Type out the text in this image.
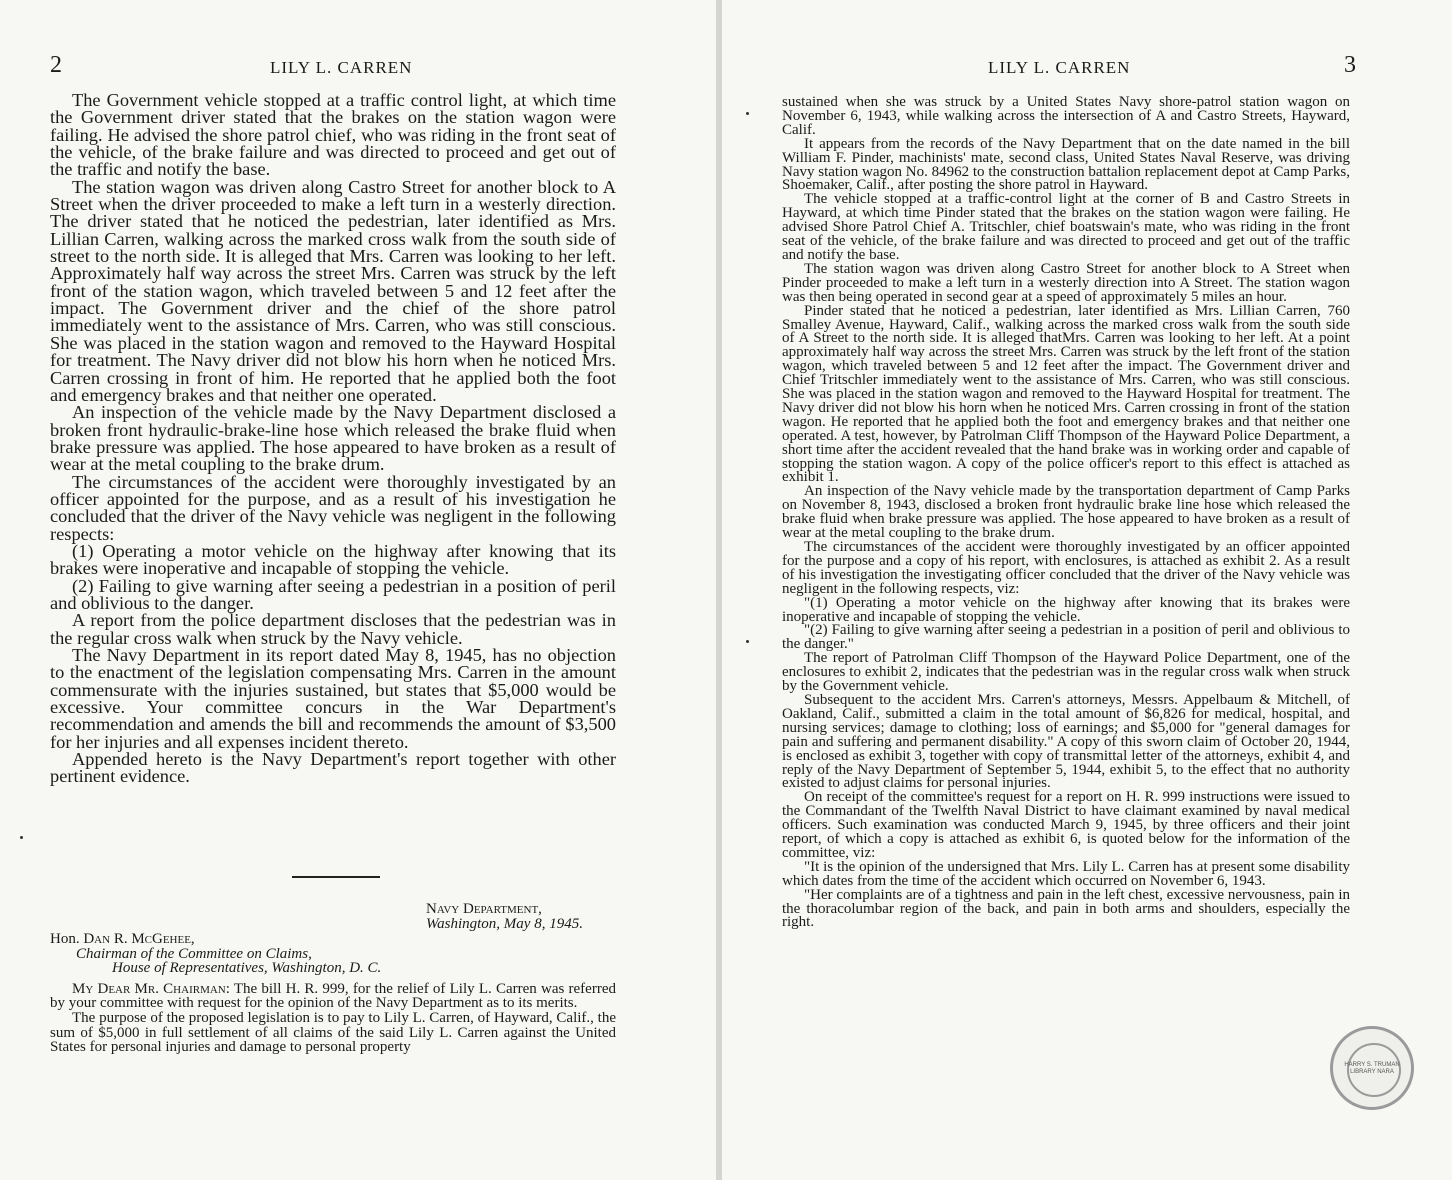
2	LILY L. CARREN

The Government vehicle stopped at a traffic control light, at which time the Government driver stated that the brakes on the station wagon were failing. He advised the shore patrol chief, who was riding in the front seat of the vehicle, of the brake failure and was directed to proceed and get out of the traffic and notify the base.

The station wagon was driven along Castro Street for another block to A Street when the driver proceeded to make a left turn in a westerly direction. The driver stated that he noticed the pedestrian, later identified as Mrs. Lillian Carren, walking across the marked cross walk from the south side of street to the north side. It is alleged that Mrs. Carren was looking to her left. Approximately half way across the street Mrs. Carren was struck by the left front of the station wagon, which traveled between 5 and 12 feet after the impact. The Government driver and the chief of the shore patrol immediately went to the assistance of Mrs. Carren, who was still conscious. She was placed in the station wagon and removed to the Hayward Hospital for treatment. The Navy driver did not blow his horn when he noticed Mrs. Carren crossing in front of him. He reported that he applied both the foot and emergency brakes and that neither one operated.

An inspection of the vehicle made by the Navy Department disclosed a broken front hydraulic-brake-line hose which released the brake fluid when brake pressure was applied. The hose appeared to have broken as a result of wear at the metal coupling to the brake drum.

The circumstances of the accident were thoroughly investigated by an officer appointed for the purpose, and as a result of his investigation he concluded that the driver of the Navy vehicle was negligent in the following respects:

(1) Operating a motor vehicle on the highway after knowing that its brakes were inoperative and incapable of stopping the vehicle.

(2) Failing to give warning after seeing a pedestrian in a position of peril and oblivious to the danger.

A report from the police department discloses that the pedestrian was in the regular cross walk when struck by the Navy vehicle.

The Navy Department in its report dated May 8, 1945, has no objection to the enactment of the legislation compensating Mrs. Carren in the amount commensurate with the injuries sustained, but states that $5,000 would be excessive. Your committee concurs in the War Department's recommendation and amends the bill and recommends the amount of $3,500 for her injuries and all expenses incident thereto.

Appended hereto is the Navy Department's report together with other pertinent evidence.

Navy Department,
Washington, May 8, 1945.
Hon. Dan R. McGehee,
Chairman of the Committee on Claims,
House of Representatives, Washington, D. C.

My Dear Mr. Chairman: The bill H. R. 999, for the relief of Lily L. Carren was referred by your committee with request for the opinion of the Navy Department as to its merits.

The purpose of the proposed legislation is to pay to Lily L. Carren, of Hayward, Calif., the sum of $5,000 in full settlement of all claims of the said Lily L. Carren against the United States for personal injuries and damage to personal property

LILY L. CARREN	3

sustained when she was struck by a United States Navy shore-patrol station wagon on November 6, 1943, while walking across the intersection of A and Castro Streets, Hayward, Calif.

It appears from the records of the Navy Department that on the date named in the bill William F. Pinder, machinists' mate, second class, United States Naval Reserve, was driving Navy station wagon No. 84962 to the construction battalion replacement depot at Camp Parks, Shoemaker, Calif., after posting the shore patrol in Hayward.

The vehicle stopped at a traffic-control light at the corner of B and Castro Streets in Hayward, at which time Pinder stated that the brakes on the station wagon were failing. He advised Shore Patrol Chief A. Tritschler, chief boatswain's mate, who was riding in the front seat of the vehicle, of the brake failure and was directed to proceed and get out of the traffic and notify the base.

The station wagon was driven along Castro Street for another block to A Street when Pinder proceeded to make a left turn in a westerly direction into A Street. The station wagon was then being operated in second gear at a speed of approximately 5 miles an hour.

Pinder stated that he noticed a pedestrian, later identified as Mrs. Lillian Carren, 760 Smalley Avenue, Hayward, Calif., walking across the marked cross walk from the south side of A Street to the north side. It is alleged thatMrs. Carren was looking to her left. At a point approximately half way across the street Mrs. Carren was struck by the left front of the station wagon, which traveled between 5 and 12 feet after the impact. The Government driver and Chief Tritschler immediately went to the assistance of Mrs. Carren, who was still conscious. She was placed in the station wagon and removed to the Hayward Hospital for treatment. The Navy driver did not blow his horn when he noticed Mrs. Carren crossing in front of the station wagon. He reported that he applied both the foot and emergency brakes and that neither one operated. A test, however, by Patrolman Cliff Thompson of the Hayward Police Department, a short time after the accident revealed that the hand brake was in working order and capable of stopping the station wagon. A copy of the police officer's report to this effect is attached as exhibit 1.

An inspection of the Navy vehicle made by the transportation department of Camp Parks on November 8, 1943, disclosed a broken front hydraulic brake line hose which released the brake fluid when brake pressure was applied. The hose appeared to have broken as a result of wear at the metal coupling to the brake drum.

The circumstances of the accident were thoroughly investigated by an officer appointed for the purpose and a copy of his report, with enclosures, is attached as exhibit 2. As a result of his investigation the investigating officer concluded that the driver of the Navy vehicle was negligent in the following respects, viz:

"(1) Operating a motor vehicle on the highway after knowing that its brakes were inoperative and incapable of stopping the vehicle.

"(2) Failing to give warning after seeing a pedestrian in a position of peril and oblivious to the danger."

The report of Patrolman Cliff Thompson of the Hayward Police Department, one of the enclosures to exhibit 2, indicates that the pedestrian was in the regular cross walk when struck by the Government vehicle.

Subsequent to the accident Mrs. Carren's attorneys, Messrs. Appelbaum & Mitchell, of Oakland, Calif., submitted a claim in the total amount of $6,826 for medical, hospital, and nursing services; damage to clothing; loss of earnings; and $5,000 for "general damages for pain and suffering and permanent disability." A copy of this sworn claim of October 20, 1944, is enclosed as exhibit 3, together with copy of transmittal letter of the attorneys, exhibit 4, and reply of the Navy Department of September 5, 1944, exhibit 5, to the effect that no authority existed to adjust claims for personal injuries.

On receipt of the committee's request for a report on H. R. 999 instructions were issued to the Commandant of the Twelfth Naval District to have claimant examined by naval medical officers. Such examination was conducted March 9, 1945, by three officers and their joint report, of which a copy is attached as exhibit 6, is quoted below for the information of the committee, viz:

"It is the opinion of the undersigned that Mrs. Lily L. Carren has at present some disability which dates from the time of the accident which occurred on November 6, 1943.

"Her complaints are of a tightness and pain in the left chest, excessive nervousness, pain in the thoracolumbar region of the back, and pain in both arms and shoulders, especially the right.

HARRY S. TRUMAN LIBRARY NARA
